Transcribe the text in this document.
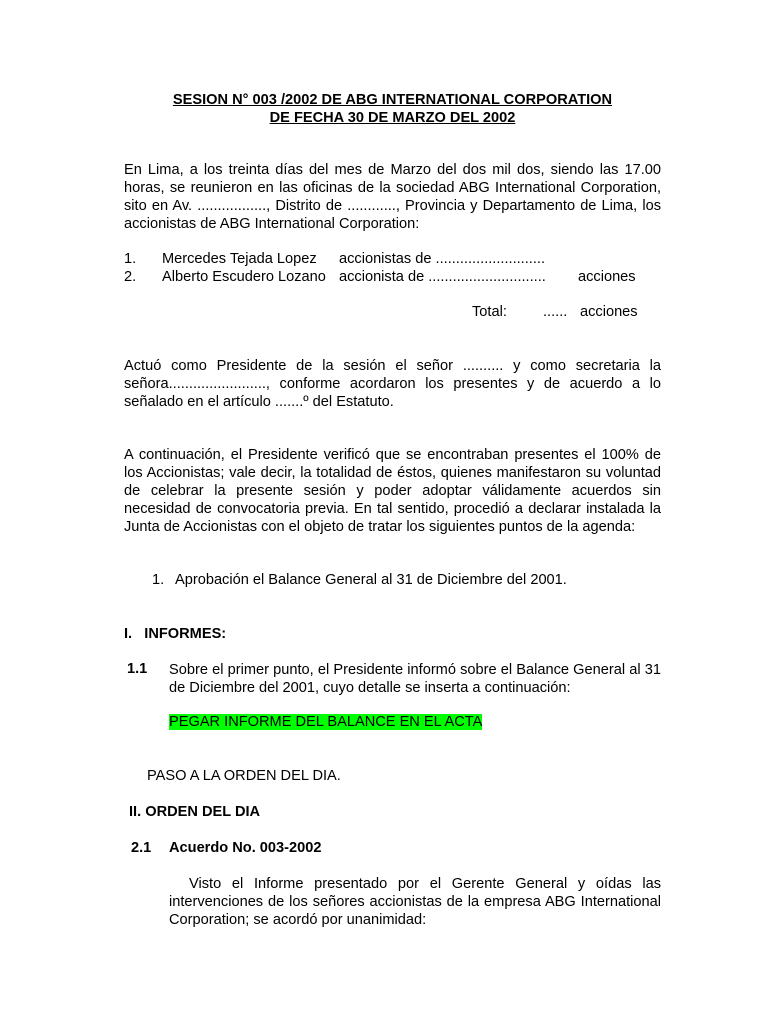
SESION N° 003 /2002 DE ABG INTERNATIONAL CORPORATION
DE FECHA 30 DE MARZO DEL 2002
En Lima, a los treinta días del mes de Marzo del dos mil dos, siendo las 17.00 horas, se reunieron en las oficinas de la sociedad ABG International Corporation, sito en Av. ................., Distrito de ............, Provincia y Departamento de Lima, los accionistas de ABG International Corporation:
1. Mercedes Tejada Lopez accionistas de ...........................
2. Alberto Escudero Lozano accionista de ............................. acciones
Total: ...... acciones
Actuó como Presidente de la sesión el señor .......... y como secretaria la señora........................, conforme acordaron los presentes y de acuerdo a lo señalado en el artículo .......º del Estatuto.
A continuación, el Presidente verificó que se encontraban presentes el 100% de los Accionistas; vale decir, la totalidad de éstos, quienes manifestaron su voluntad de celebrar la presente sesión y poder adoptar válidamente acuerdos sin necesidad de convocatoria previa. En tal sentido, procedió a declarar instalada la Junta de Accionistas con el objeto de tratar los siguientes puntos de la agenda:
1. Aprobación el Balance General al 31 de Diciembre del 2001.
I.   INFORMES:
1.1 Sobre el primer punto, el Presidente informó sobre el Balance General al 31 de Diciembre del 2001, cuyo detalle se inserta a continuación:
PEGAR INFORME DEL BALANCE EN EL ACTA
PASO A LA ORDEN DEL DIA.
II. ORDEN DEL DIA
2.1 Acuerdo No. 003-2002
Visto el Informe presentado por el Gerente General y oídas las intervenciones de los señores accionistas de la empresa ABG International Corporation; se acordó por unanimidad:
